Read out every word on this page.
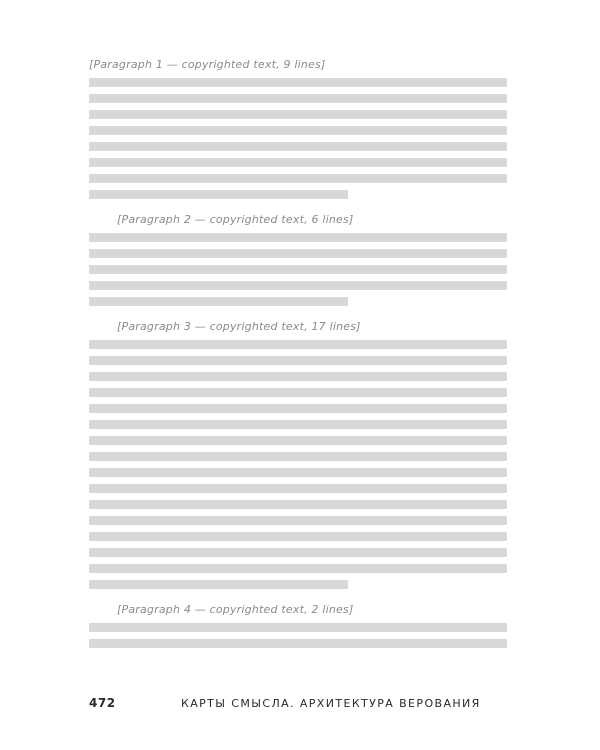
[Paragraph 1 — copyrighted text, 9 lines]
[Paragraph 2 — copyrighted text, 6 lines]
[Paragraph 3 — copyrighted text, 17 lines]
[Paragraph 4 — copyrighted text, 2 lines]
472	КАРТЫ СМЫСЛА. АРХИТЕКТУРА ВЕРОВАНИЯ
